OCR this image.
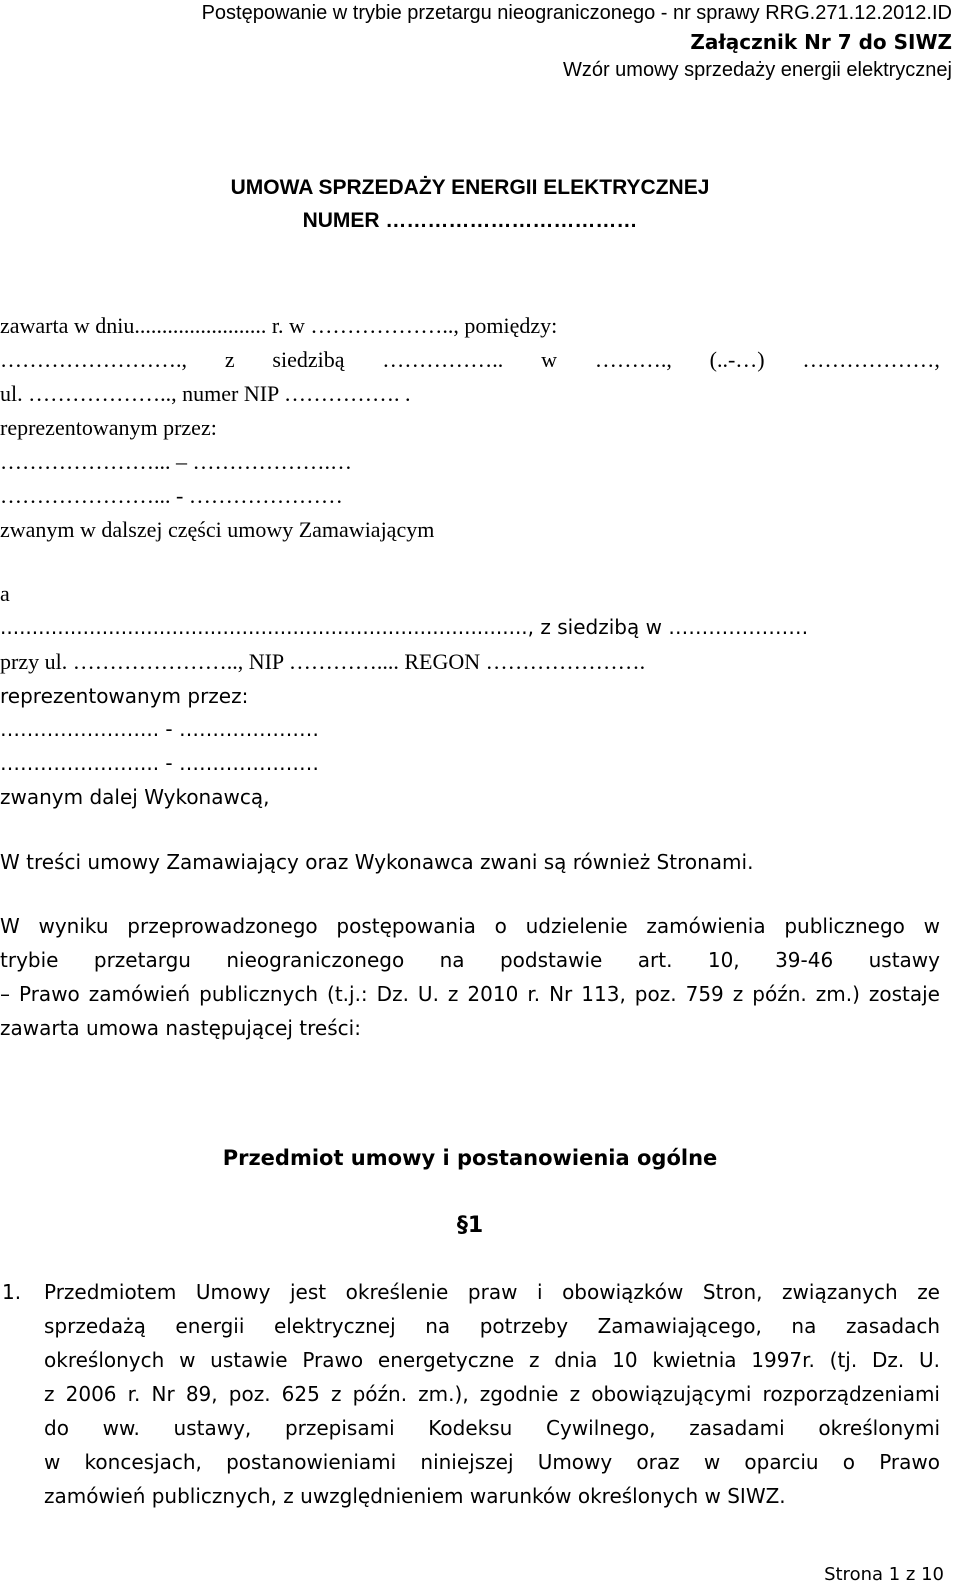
Postępowanie w trybie przetargu nieograniczonego - nr sprawy RRG.271.12.2012.ID
Załącznik Nr 7 do SIWZ
Wzór umowy sprzedaży energii elektrycznej
UMOWA SPRZEDAŻY ENERGII ELEKTRYCZNEJ
NUMER ………………………………
zawarta w dniu........................ r. w ……………….., pomiędzy:
……………………., z siedzibą …………….. w ………., (..-…) ………………,
ul. ……………….., numer NIP ……………. .
reprezentowanym przez:
…………………... – ……………….…
…………………... - …………………
zwanym w dalszej części umowy Zamawiającym
a
..................................................................................., z siedzibą w …………………
przy ul. ………………….., NIP ………….... REGON ………………….
reprezentowanym przez:
…………………... - …………………
…………………... - …………………
zwanym dalej Wykonawcą,
W treści umowy Zamawiający oraz Wykonawca zwani są również Stronami.
W wyniku przeprowadzonego postępowania o udzielenie zamówienia publicznego w
trybie przetargu nieograniczonego na podstawie art. 10, 39-46 ustawy
– Prawo zamówień publicznych (t.j.: Dz. U. z 2010 r. Nr 113, poz. 759 z późn. zm.) zostaje
zawarta umowa następującej treści:
Przedmiot umowy i postanowienia ogólne
§1
1. Przedmiotem Umowy jest określenie praw i obowiązków Stron, związanych ze
sprzedażą energii elektrycznej na potrzeby Zamawiającego, na zasadach
określonych w ustawie Prawo energetyczne z dnia 10 kwietnia 1997r. (tj. Dz. U.
z 2006 r. Nr 89, poz. 625 z późn. zm.), zgodnie z obowiązującymi rozporządzeniami
do ww. ustawy, przepisami Kodeksu Cywilnego, zasadami określonymi
w koncesjach, postanowieniami niniejszej Umowy oraz w oparciu o Prawo
zamówień publicznych, z uwzględnieniem warunków określonych w SIWZ.
Strona 1 z 10
